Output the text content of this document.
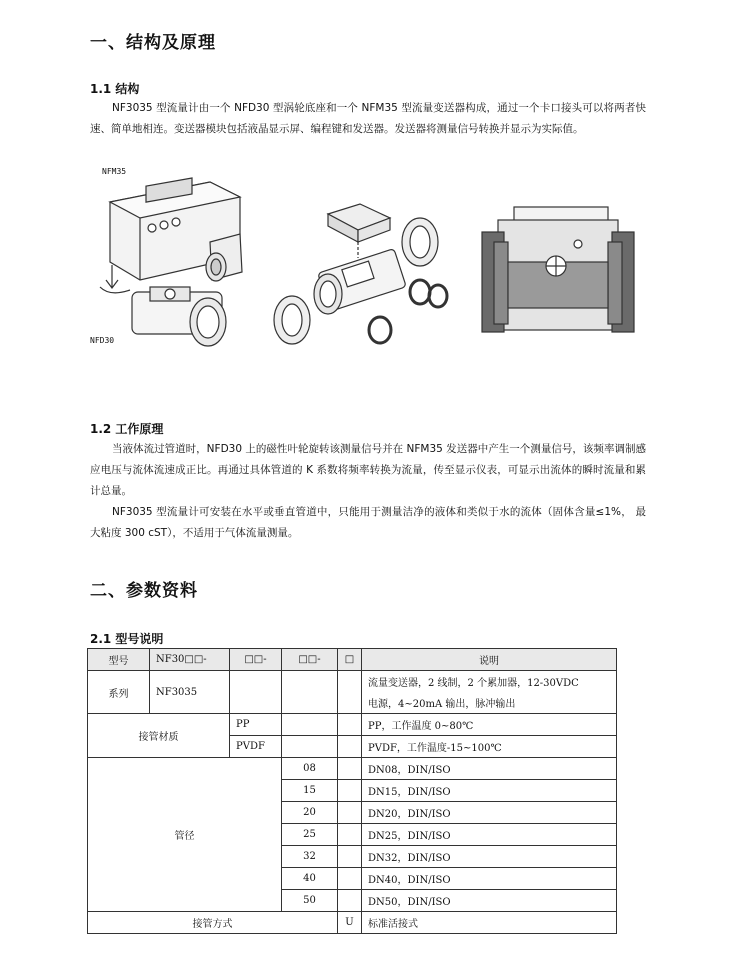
一、结构及原理
1.1 结构
NF3035 型流量计由一个 NFD30 型涡轮底座和一个 NFM35 型流量变送器构成，通过一个卡口接头可以将两者快速、简单地相连。变送器模块包括液晶显示屏、编程键和发送器。发送器将测量信号转换并显示为实际值。
NFM35
NFD30
1.2 工作原理
当液体流过管道时，NFD30 上的磁性叶轮旋转该测量信号并在 NFM35 发送器中产生一个测量信号，该频率调制感应电压与流体流速成正比。再通过具体管道的 K 系数将频率转换为流量，传至显示仪表，可显示出流体的瞬时流量和累计总量。
NF3035 型流量计可安装在水平或垂直管道中，只能用于测量洁净的液体和类似于水的流体（固体含量≤1%， 最大粘度 300 cST），不适用于气体流量测量。
二、参数资料
2.1 型号说明
型号	NF30□□-	□□-	□□-	□	说明
系列	NF3035				流量变送器，2 线制，2 个累加器，12-30VDC
					电源，4~20mA 输出，脉冲输出
接管材质		PP			PP，工作温度 0~80℃
		PVDF			PVDF，工作温度-15~100℃
管径			08		DN08，DIN/ISO
			15		DN15，DIN/ISO
			20		DN20，DIN/ISO
			25		DN25，DIN/ISO
			32		DN32，DIN/ISO
			40		DN40，DIN/ISO
			50		DN50，DIN/ISO
接管方式				U	标准活接式
